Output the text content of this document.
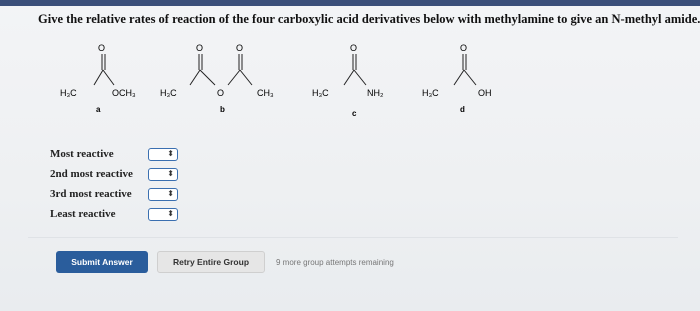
Give the relative rates of reaction of the four carboxylic acid derivatives below with methylamine to give an N-methyl amide.
O
H₃C	OCH₃
a
O	O
H₃C	O	CH₃
b
O
H₃C	NH₂
c
O
H₃C	OH
d
Most reactive	⬍
2nd most reactive	⬍
3rd most reactive	⬍
Least reactive	⬍
Submit Answer	Retry Entire Group	9 more group attempts remaining
